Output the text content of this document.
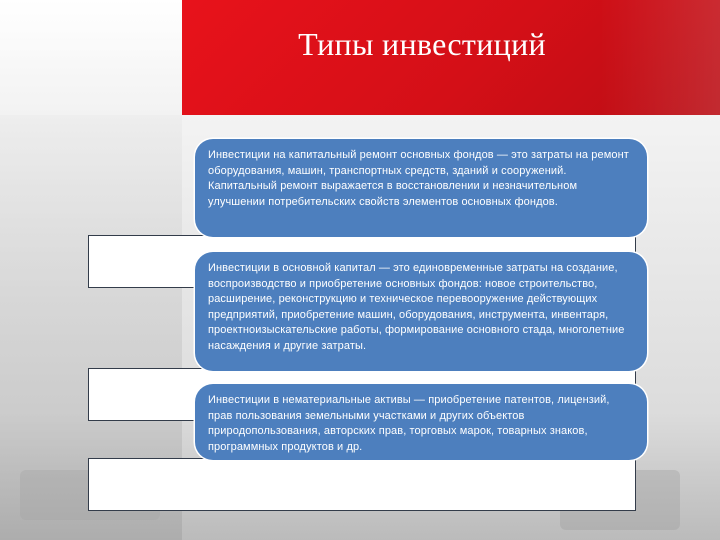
Типы инвестиций
Инвестиции на капитальный ремонт основных фондов — это затраты на ремонт оборудования, машин, транспортных средств, зданий и сооружений. Капитальный ремонт выражается в восстановлении и незначительном улучшении потребительских свойств элементов основных фондов.
Инвестиции в основной капитал — это единовременные затраты на создание, воспроизводство и приобретение основных фондов: новое строительство, расширение, реконструкцию и техническое перевооружение действующих предприятий, приобретение машин, оборудования, инструмента, инвентаря, проектноизыскательские работы, формирование основного стада, многолетние насаждения и другие затраты.
Инвестиции в нематериальные активы — приобретение патентов, лицензий, прав пользования земельными участками и других объектов природопользования, авторских прав, торговых марок, товарных знаков, программных продуктов и др.
